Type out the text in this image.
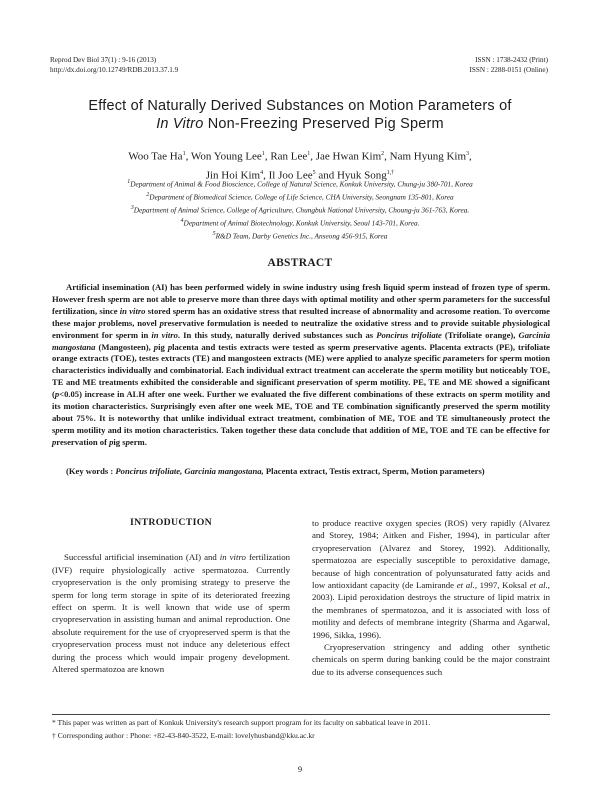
Reprod Dev Biol 37(1) : 9-16 (2013)
http://dx.doi.org/10.12749/RDB.2013.37.1.9
ISSN : 1738-2432 (Print)
ISSN : 2288-0151 (Online)
Effect of Naturally Derived Substances on Motion Parameters of
In Vitro Non-Freezing Preserved Pig Sperm
Woo Tae Ha$^1$, Won Young Lee$^1$, Ran Lee$^1$, Jae Hwan Kim$^2$, Nam Hyung Kim$^3$,
Jin Hoi Kim$^4$, Il Joo Lee$^5$ and Hyuk Song$^{1,\dagger}$
$^1$Department of Animal & Food Bioscience, College of Natural Science, Konkuk University, Chung-ju 380-701, Korea
$^2$Department of Biomedical Science, College of Life Science, CHA University, Seongnam 135-801, Korea
$^3$Department of Animal Science, College of Agriculture, Chungbuk National University, Choung-ju 361-763, Korea.
$^4$Department of Animal Biotechnology, Konkuk University, Seoul 143-701, Korea.
$^5$R&D Team, Darby Genetics Inc., Anseong 456-915, Korea
ABSTRACT
Artificial insemination (AI) has been performed widely in swine industry using fresh liquid sperm instead of frozen type of sperm. However fresh sperm are not able to preserve more than three days with optimal motility and other sperm parameters for the successful fertilization, since in vitro stored sperm has an oxidative stress that resulted increase of abnormality and acrosome reation. To overcome these major problems, novel preservative formulation is needed to neutralize the oxidative stress and to provide suitable physiological environment for sperm in in vitro. In this study, naturally derived substances such as Poncirus trifoliate (Trifoliate orange), Garcinia mangostana (Mangosteen), pig placenta and testis extracts were tested as sperm preservative agents. Placenta extracts (PE), trifoliate orange extracts (TOE), testes extracts (TE) and mangosteen extracts (ME) were applied to analyze specific parameters for sperm motion characteristics individually and combinatorial. Each individual extract treatment can accelerate the sperm motility but noticeably TOE, TE and ME treatments exhibited the considerable and significant preservation of sperm motility. PE, TE and ME showed a significant (p<0.05) increase in ALH after one week. Further we evaluated the five different combinations of these extracts on sperm motility and its motion characteristics. Surprisingly even after one week ME, TOE and TE combination significantly preserved the sperm motility about 75%. It is noteworthy that unlike individual extract treatment, combination of ME, TOE and TE simultaneously protect the sperm motility and its motion characteristics. Taken together these data conclude that addition of ME, TOE and TE can be effective for preservation of pig sperm.
(Key words : Poncirus trifoliate, Garcinia mangostana, Placenta extract, Testis extract, Sperm, Motion parameters)
INTRODUCTION

Successful artificial insemination (AI) and in vitro fertilization (IVF) require physiologically active spermatozoa. Currently cryopreservation is the only promising strategy to preserve the sperm for long term storage in spite of its deteriorated freezing effect on sperm. It is well known that wide use of sperm cryopreservation in assisting human and animal reproduction. One absolute requirement for the use of cryopreserved sperm is that the cryopreservation process must not induce any deleterious effect during the process which would impair progeny development. Altered spermatozoa are known

to produce reactive oxygen species (ROS) very rapidly (Alvarez and Storey, 1984; Aitken and Fisher, 1994), in particular after cryopreservation (Alvarez and Storey, 1992). Additionally, spermatozoa are especially susceptible to peroxidative damage, because of high concentration of polyunsaturated fatty acids and low antioxidant capacity (de Lamirande et al., 1997, Koksal et al., 2003). Lipid peroxidation destroys the structure of lipid matrix in the membranes of spermatozoa, and it is associated with loss of motility and defects of membrane integrity (Sharma and Agarwal, 1996, Sikka, 1996).

Cryopreservation stringency and adding other synthetic chemicals on sperm during banking could be the major constraint due to its adverse consequences such

* This paper was written as part of Konkuk University's research support program for its faculty on sabbatical leave in 2011.
† Corresponding author : Phone: +82-43-840-3522, E-mail: lovelyhusband@kku.ac.kr
9
